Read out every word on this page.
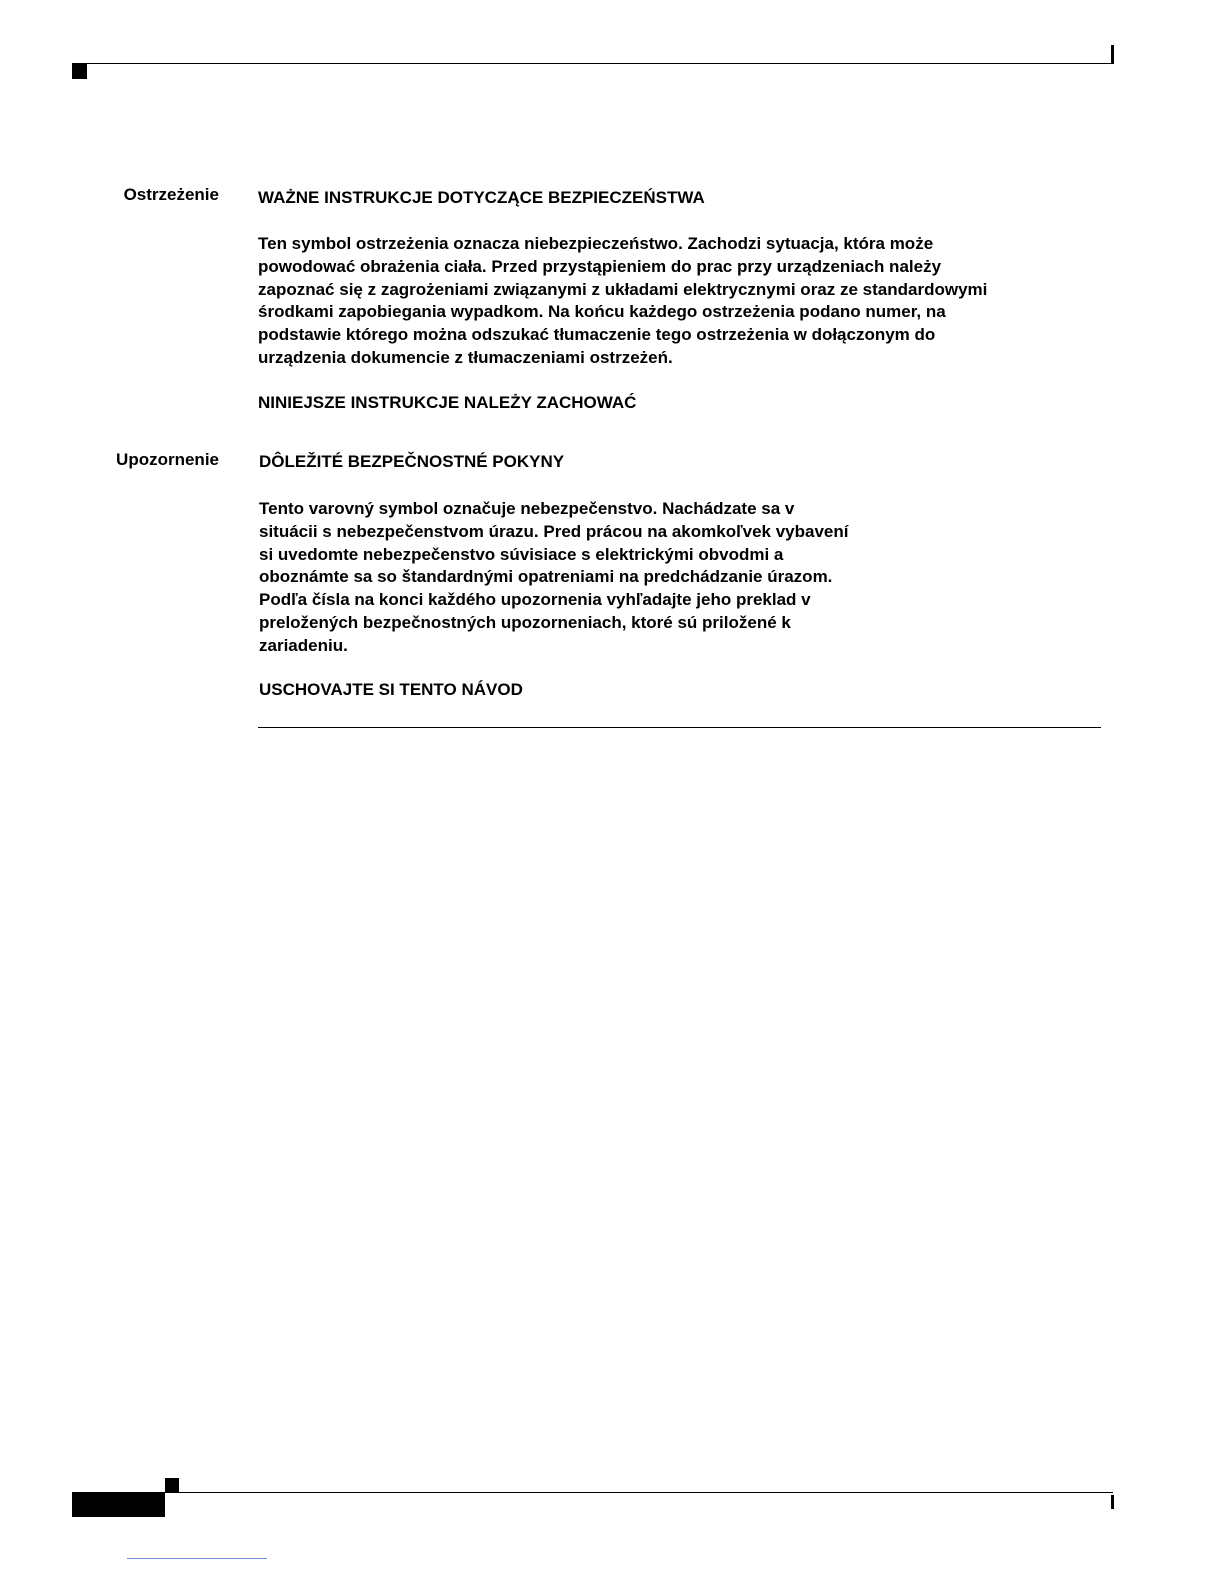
Ostrzeżenie WAŻNE INSTRUKCJE DOTYCZĄCE BEZPIECZEŃSTWA
Ten symbol ostrzeżenia oznacza niebezpieczeństwo. Zachodzi sytuacja, która może
powodować obrażenia ciała. Przed przystąpieniem do prac przy urządzeniach należy
zapoznać się z zagrożeniami związanymi z układami elektrycznymi oraz ze standardowymi
środkami zapobiegania wypadkom. Na końcu każdego ostrzeżenia podano numer, na
podstawie którego można odszukać tłumaczenie tego ostrzeżenia w dołączonym do
urządzenia dokumencie z tłumaczeniami ostrzeżeń.
NINIEJSZE INSTRUKCJE NALEŻY ZACHOWAĆ
Upozornenie DÔLEŽITÉ BEZPEČNOSTNÉ POKYNY
Tento varovný symbol označuje nebezpečenstvo. Nachádzate sa v
situácii s nebezpečenstvom úrazu. Pred prácou na akomkoľvek vybavení
si uvedomte nebezpečenstvo súvisiace s elektrickými obvodmi a
oboznámte sa so štandardnými opatreniami na predchádzanie úrazom.
Podľa čísla na konci každého upozornenia vyhľadajte jeho preklad v
preložených bezpečnostných upozorneniach, ktoré sú priložené k
zariadeniu.
USCHOVAJTE SI TENTO NÁVOD
